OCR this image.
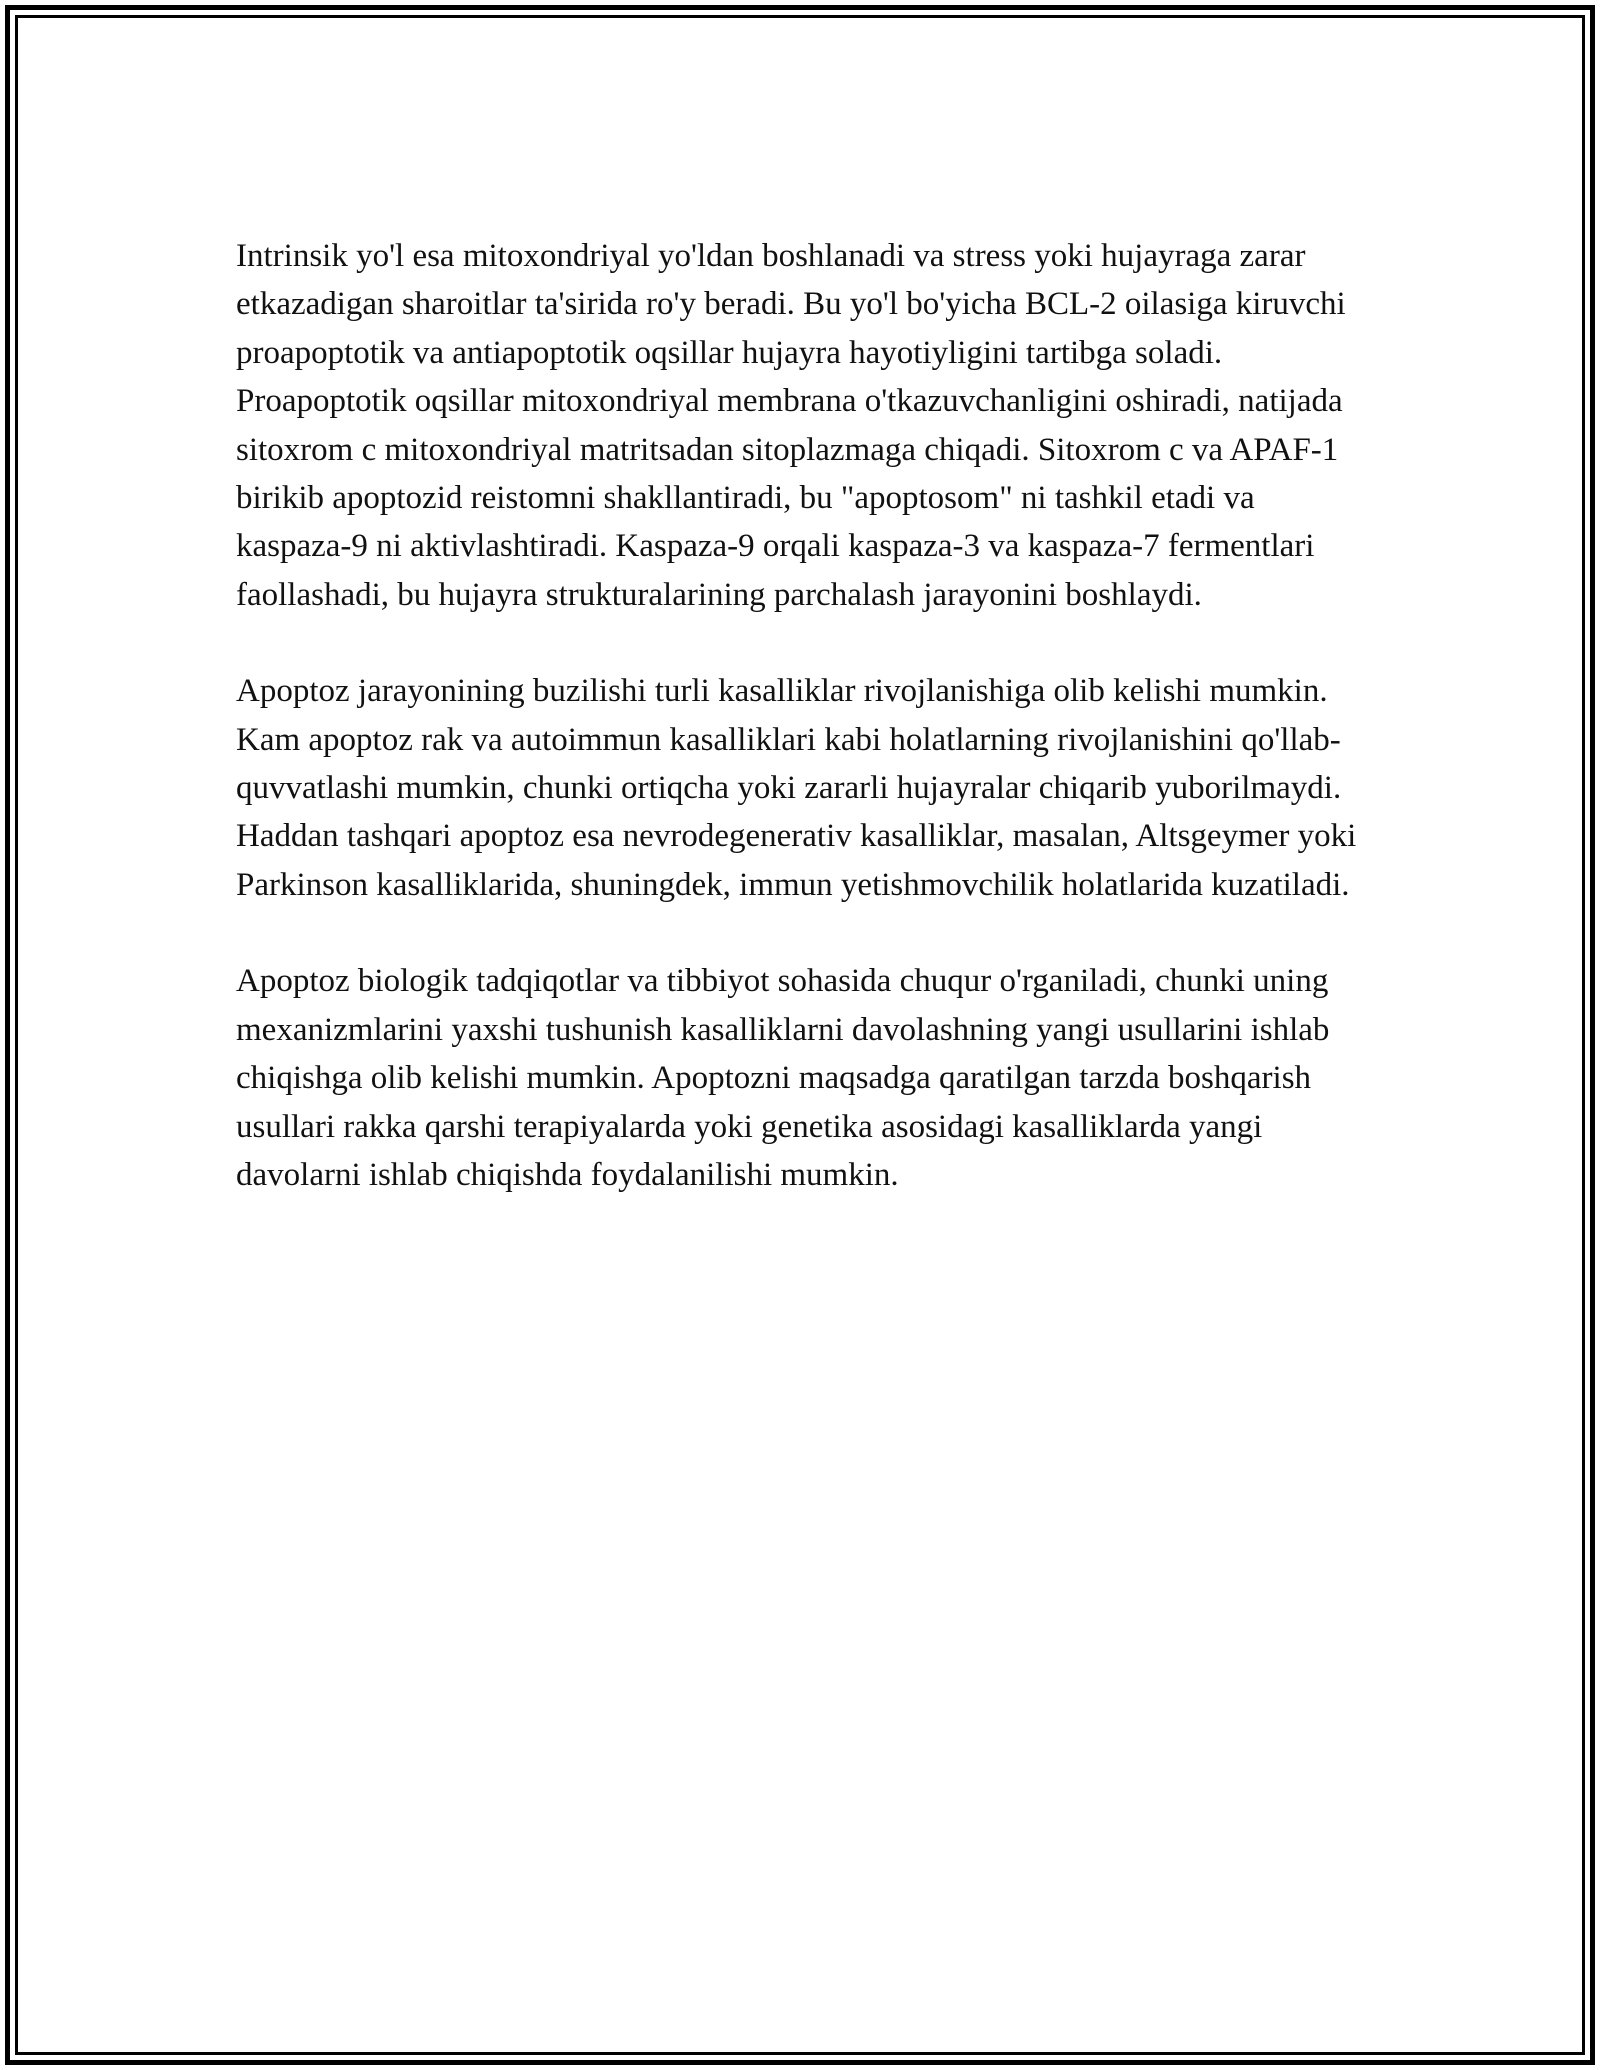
Intrinsik yo'l esa mitoxondriyal yo'ldan boshlanadi va stress yoki hujayraga zarar etkazadigan sharoitlar ta'sirida ro'y beradi. Bu yo'l bo'yicha BCL-2 oilasiga kiruvchi proapoptotik va antiapoptotik oqsillar hujayra hayotiyligini tartibga soladi. Proapoptotik oqsillar mitoxondriyal membrana o'tkazuvchanligini oshiradi, natijada sitoxrom c mitoxondriyal matritsadan sitoplazmaga chiqadi. Sitoxrom c va APAF-1 birikib apoptozid reistomni shakllantiradi, bu "apoptosom" ni tashkil etadi va kaspaza-9 ni aktivlashtiradi. Kaspaza-9 orqali kaspaza-3 va kaspaza-7 fermentlari faollashadi, bu hujayra strukturalarining parchalash jarayonini boshlaydi.

Apoptoz jarayonining buzilishi turli kasalliklar rivojlanishiga olib kelishi mumkin. Kam apoptoz rak va autoimmun kasalliklari kabi holatlarning rivojlanishini qo'llab-quvvatlashi mumkin, chunki ortiqcha yoki zararli hujayralar chiqarib yuborilmaydi. Haddan tashqari apoptoz esa nevrodegenerativ kasalliklar, masalan, Altsgeymer yoki Parkinson kasalliklarida, shuningdek, immun yetishmovchilik holatlarida kuzatiladi.

Apoptoz biologik tadqiqotlar va tibbiyot sohasida chuqur o'rganiladi, chunki uning mexanizmlarini yaxshi tushunish kasalliklarni davolashning yangi usullarini ishlab chiqishga olib kelishi mumkin. Apoptozni maqsadga qaratilgan tarzda boshqarish usullari rakka qarshi terapiyalarda yoki genetika asosidagi kasalliklarda yangi davolarni ishlab chiqishda foydalanilishi mumkin.
